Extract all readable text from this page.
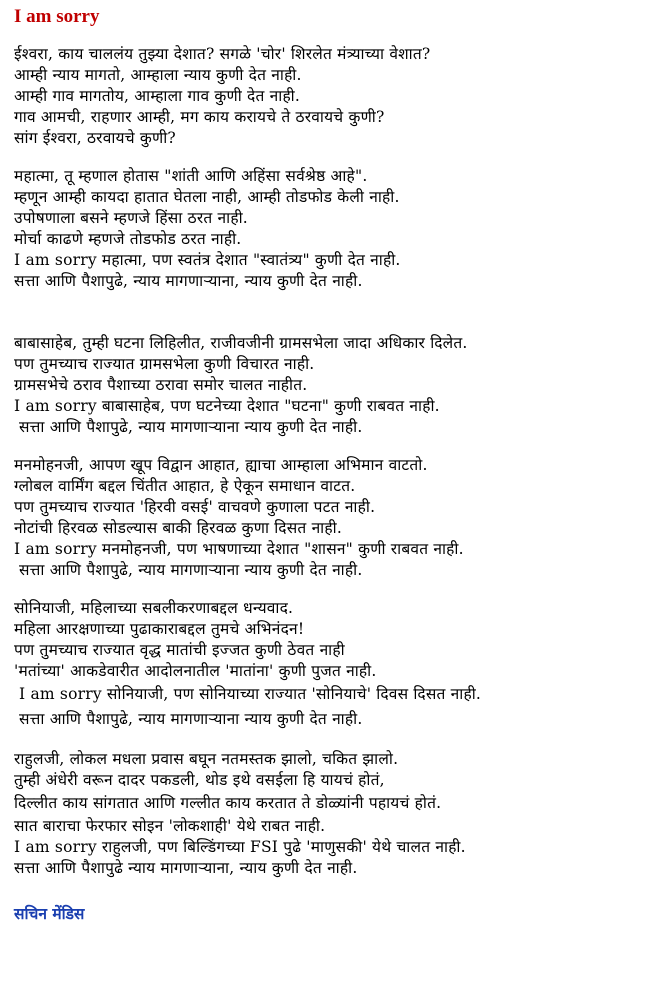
I am sorry
ईश्वरा, काय चाललंय तुझ्या देशात? सगळे 'चोर' शिरलेत मंत्र्याच्या वेशात?
आम्ही न्याय मागतो, आम्हाला न्याय कुणी देत नाही.
आम्ही गाव मागतोय, आम्हाला गाव कुणी देत नाही.
गाव आमची, राहणार आम्ही, मग काय करायचे ते ठरवायचे कुणी?
सांग ईश्वरा, ठरवायचे कुणी?
महात्मा, तू म्हणाल होतास "शांती आणि अहिंसा सर्वश्रेष्ठ आहे".
म्हणून आम्ही कायदा हातात घेतला नाही, आम्ही तोडफोड केली नाही.
उपोषणाला बसने म्हणजे हिंसा ठरत नाही.
मोर्चा काढणे म्हणजे तोडफोड ठरत नाही.
I am sorry महात्मा, पण स्वतंत्र देशात "स्वातंत्र्य" कुणी देत नाही.
सत्ता आणि पैशापुढे, न्याय मागणाऱ्याना, न्याय कुणी देत नाही.
बाबासाहेब, तुम्ही घटना लिहिलीत, राजीवजीनी ग्रामसभेला जादा अधिकार दिलेत.
पण तुमच्याच राज्यात ग्रामसभेला कुणी विचारत नाही.
ग्रामसभेचे ठराव पैशाच्या ठरावा समोर चालत नाहीत.
I am sorry बाबासाहेब, पण घटनेच्या देशात "घटना" कुणी राबवत नाही.
सत्ता आणि पैशापुढे, न्याय मागणाऱ्याना न्याय कुणी देत नाही.
मनमोहनजी, आपण खूप विद्वान आहात, ह्याचा आम्हाला अभिमान वाटतो.
ग्लोबल वार्मिंग बद्दल चिंतीत आहात, हे ऐकून समाधान वाटत.
पण तुमच्याच राज्यात 'हिरवी वसई' वाचवणे कुणाला पटत नाही.
नोटांची हिरवळ सोडल्यास बाकी हिरवळ कुणा दिसत नाही.
I am sorry मनमोहनजी, पण भाषणाच्या देशात "शासन" कुणी राबवत नाही.
सत्ता आणि पैशापुढे, न्याय मागणाऱ्याना न्याय कुणी देत नाही.
सोनियाजी, महिलाच्या सबलीकरणाबद्दल धन्यवाद.
महिला आरक्षणाच्या पुढाकाराबद्दल तुमचे अभिनंदन!
पण तुमच्याच राज्यात वृद्ध मातांची इज्जत कुणी ठेवत नाही
'मतांच्या' आकडेवारीत आदोलनातील 'मातांना' कुणी पुजत नाही.
I am sorry सोनियाजी, पण सोनियाच्या राज्यात 'सोनियाचे' दिवस दिसत नाही.
सत्ता आणि पैशापुढे, न्याय मागणाऱ्याना न्याय कुणी देत नाही.
राहुलजी, लोकल मधला प्रवास बघून नतमस्तक झालो, चकित झालो.
तुम्ही अंधेरी वरून दादर पकडली, थोड इथे वसईला हि यायचं होतं,
दिल्लीत काय सांगतात आणि गल्लीत काय करतात ते डोळ्यांनी पहायचं होतं.
सात बाराचा फेरफार सोइन 'लोकशाही' येथे राबत नाही.
I am sorry राहुलजी, पण बिल्डिंगच्या FSI पुढे 'माणुसकी' येथे चालत नाही.
सत्ता आणि पैशापुढे न्याय मागणाऱ्याना, न्याय कुणी देत नाही.
सचिन मेंडिस
